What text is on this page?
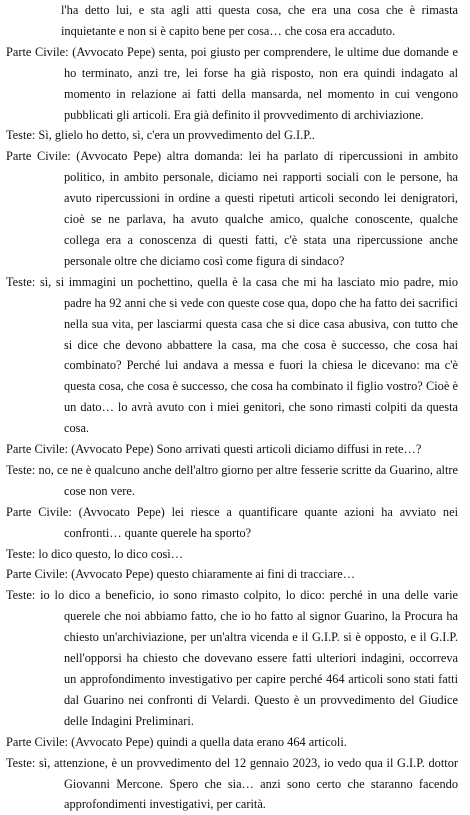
l'ha detto lui, e sta agli atti questa cosa, che era una cosa che è rimasta inquietante e non si è capito bene per cosa… che cosa era accaduto.

Parte Civile: (Avvocato Pepe) senta, poi giusto per comprendere, le ultime due domande e ho terminato, anzi tre, lei forse ha già risposto, non era quindi indagato al momento in relazione ai fatti della mansarda, nel momento in cui vengono pubblicati gli articoli. Era già definito il provvedimento di archiviazione.
Teste: Sì, glielo ho detto, sì, c'era un provvedimento del G.I.P..
Parte Civile: (Avvocato Pepe) altra domanda: lei ha parlato di ripercussioni in ambito politico, in ambito personale, diciamo nei rapporti sociali con le persone, ha avuto ripercussioni in ordine a questi ripetuti articoli secondo lei denigratori, cioè se ne parlava, ha avuto qualche amico, qualche conoscente, qualche collega era a conoscenza di questi fatti, c'è stata una ripercussione anche personale oltre che diciamo così come figura di sindaco?
Teste: sì, si immagini un pochettino, quella è la casa che mi ha lasciato mio padre, mio padre ha 92 anni che si vede con queste cose qua, dopo che ha fatto dei sacrifici nella sua vita, per lasciarmi questa casa che si dice casa abusiva, con tutto che si dice che devono abbattere la casa, ma che cosa è successo, che cosa hai combinato? Perché lui andava a messa e fuori la chiesa le dicevano: ma c'è questa cosa, che cosa è successo, che cosa ha combinato il figlio vostro? Cioè è un dato… lo avrà avuto con i miei genitori, che sono rimasti colpiti da questa cosa.
Parte Civile: (Avvocato Pepe) Sono arrivati questi articoli diciamo diffusi in rete…?
Teste: no, ce ne è qualcuno anche dell'altro giorno per altre fesserie scritte da Guarino, altre cose non vere.
Parte Civile: (Avvocato Pepe) lei riesce a quantificare quante azioni ha avviato nei confronti… quante querele ha sporto?
Teste: lo dico questo, lo dico così…
Parte Civile: (Avvocato Pepe) questo chiaramente ai fini di tracciare…
Teste: io lo dico a beneficio, io sono rimasto colpito, lo dico: perché in una delle varie querele che noi abbiamo fatto, che io ho fatto al signor Guarino, la Procura ha chiesto un'archiviazione, per un'altra vicenda e il G.I.P. si è opposto, e il G.I.P. nell'opporsi ha chiesto che dovevano essere fatti ulteriori indagini, occorreva un approfondimento investigativo per capire perché 464 articoli sono stati fatti dal Guarino nei confronti di Velardi. Questo è un provvedimento del Giudice delle Indagini Preliminari.
Parte Civile: (Avvocato Pepe) quindi a quella data erano 464 articoli.
Teste: sì, attenzione, è un provvedimento del 12 gennaio 2023, io vedo qua il G.I.P. dottor Giovanni Mercone. Spero che sia… anzi sono certo che staranno facendo approfondimenti investigativi, per carità.
